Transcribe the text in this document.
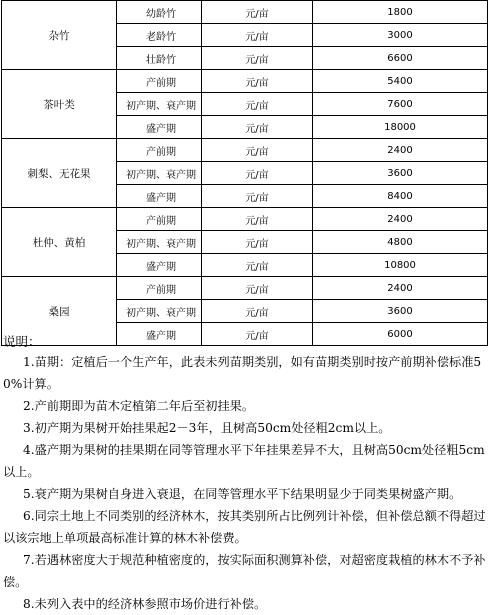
杂竹	幼龄竹	元/亩	1800
	老龄竹	元/亩	3000
	壮龄竹	元/亩	6600
茶叶类	产前期	元/亩	5400
	初产期、衰产期	元/亩	7600
	盛产期	元/亩	18000
刺梨、无花果	产前期	元/亩	2400
	初产期、衰产期	元/亩	3600
	盛产期	元/亩	8400
杜仲、黄柏	产前期	元/亩	2400
	初产期、衰产期	元/亩	4800
	盛产期	元/亩	10800
桑园	产前期	元/亩	2400
	初产期、衰产期	元/亩	3600
	盛产期	元/亩	6000
说明：

1.苗期：定植后一个生产年，此表未列苗期类别，如有苗期类别时按产前期补偿标准50%计算。

2.产前期即为苗木定植第二年后至初挂果。

3.初产期为果树开始挂果起2－3年，且树高50cm处径粗2cm以上。

4.盛产期为果树的挂果期在同等管理水平下年挂果差异不大，且树高50cm处径粗5cm以上。

5.衰产期为果树自身进入衰退，在同等管理水平下结果明显少于同类果树盛产期。

6.同宗土地上不同类别的经济林木，按其类别所占比例列计补偿，但补偿总额不得超过以该宗地上单项最高标准计算的林木补偿费。

7.若遇林密度大于规范种植密度的，按实际面积测算补偿，对超密度栽植的林木不予补偿。

8.未列入表中的经济林参照市场价进行补偿。
